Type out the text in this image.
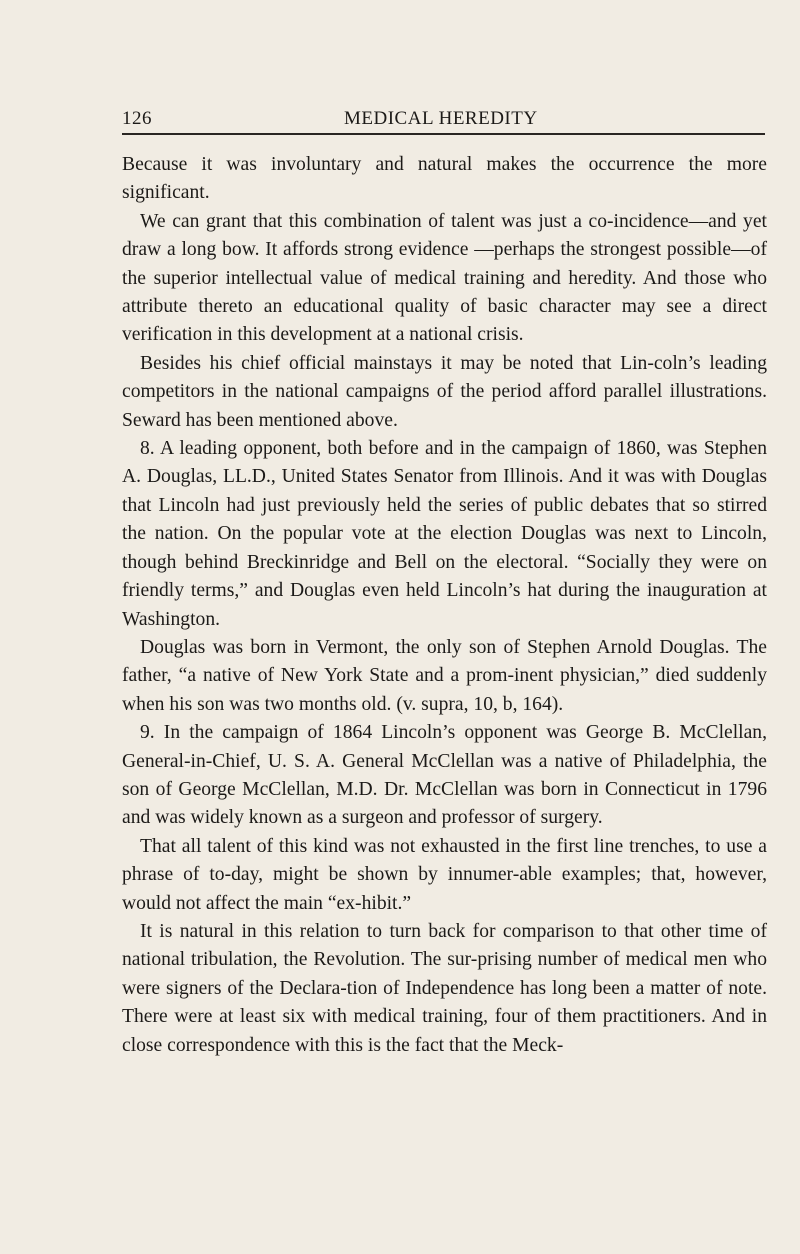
126	MEDICAL HEREDITY

Because it was involuntary and natural makes the occurrence the more significant.

We can grant that this combination of talent was just a co-incidence—and yet draw a long bow. It affords strong evidence —perhaps the strongest possible—of the superior intellectual value of medical training and heredity. And those who attribute thereto an educational quality of basic character may see a direct verification in this development at a national crisis.

Besides his chief official mainstays it may be noted that Lin-coln’s leading competitors in the national campaigns of the period afford parallel illustrations. Seward has been mentioned above.

8. A leading opponent, both before and in the campaign of 1860, was Stephen A. Douglas, LL.D., United States Senator from Illinois. And it was with Douglas that Lincoln had just previously held the series of public debates that so stirred the nation. On the popular vote at the election Douglas was next to Lincoln, though behind Breckinridge and Bell on the electoral. “Socially they were on friendly terms,” and Douglas even held Lincoln’s hat during the inauguration at Washington.

Douglas was born in Vermont, the only son of Stephen Arnold Douglas. The father, “a native of New York State and a prom-inent physician,” died suddenly when his son was two months old. (v. supra, 10, b, 164).

9. In the campaign of 1864 Lincoln’s opponent was George B. McClellan, General-in-Chief, U. S. A. General McClellan was a native of Philadelphia, the son of George McClellan, M.D. Dr. McClellan was born in Connecticut in 1796 and was widely known as a surgeon and professor of surgery.

That all talent of this kind was not exhausted in the first line trenches, to use a phrase of to-day, might be shown by innumer-able examples; that, however, would not affect the main “ex-hibit.”

It is natural in this relation to turn back for comparison to that other time of national tribulation, the Revolution. The sur-prising number of medical men who were signers of the Declara-tion of Independence has long been a matter of note. There were at least six with medical training, four of them practitioners. And in close correspondence with this is the fact that the Meck-
